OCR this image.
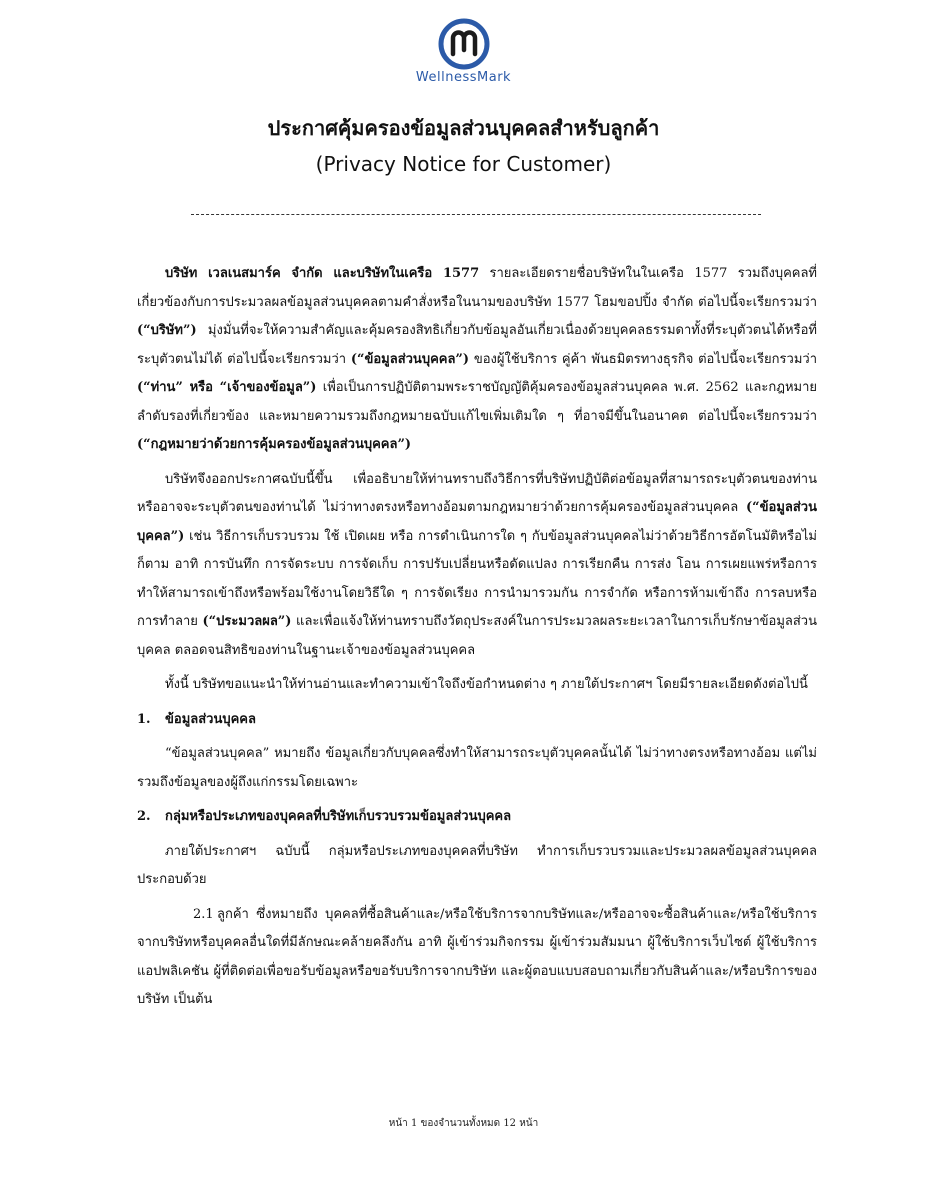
WellnessMark
ประกาศคุ้มครองข้อมูลส่วนบุคคลสำหรับลูกค้า
(Privacy Notice for Customer)

บริษัท เวลเนสมาร์ค จำกัด และบริษัทในเครือ 1577 รายละเอียดรายชื่อบริษัทในในเครือ 1577 รวมถึงบุคคลที่เกี่ยวข้องกับการประมวลผลข้อมูลส่วนบุคคลตามคำสั่งหรือในนามของบริษัท 1577 โฮมขอปปิ้ง จำกัด ต่อไปนี้จะเรียกรวมว่า (“บริษัท”) มุ่งมั่นที่จะให้ความสำคัญและคุ้มครองสิทธิเกี่ยวกับข้อมูลอันเกี่ยวเนื่องด้วยบุคคลธรรมดาทั้งที่ระบุตัวตนได้หรือที่ระบุตัวตนไม่ได้ ต่อไปนี้จะเรียกรวมว่า (“ข้อมูลส่วนบุคคล”) ของผู้ใช้บริการ คู่ค้า พันธมิตรทางธุรกิจ ต่อไปนี้จะเรียกรวมว่า (“ท่าน” หรือ “เจ้าของข้อมูล”) เพื่อเป็นการปฏิบัติตามพระราชบัญญัติคุ้มครองข้อมูลส่วนบุคคล พ.ศ. 2562 และกฎหมายลำดับรองที่เกี่ยวข้อง และหมายความรวมถึงกฎหมายฉบับแก้ไขเพิ่มเติมใด ๆ ที่อาจมีขึ้นในอนาคต ต่อไปนี้จะเรียกรวมว่า (“กฎหมายว่าด้วยการคุ้มครองข้อมูลส่วนบุคคล”)

บริษัทจึงออกประกาศฉบับนี้ขึ้น เพื่ออธิบายให้ท่านทราบถึงวิธีการที่บริษัทปฏิบัติต่อข้อมูลที่สามารถระบุตัวตนของท่าน หรืออาจจะระบุตัวตนของท่านได้ ไม่ว่าทางตรงหรือทางอ้อมตามกฎหมายว่าด้วยการคุ้มครองข้อมูลส่วนบุคคล (“ข้อมูลส่วนบุคคล”) เช่น วิธีการเก็บรวบรวม ใช้ เปิดเผย หรือ การดำเนินการใด ๆ กับข้อมูลส่วนบุคคลไม่ว่าด้วยวิธีการอัตโนมัติหรือไม่ก็ตาม อาทิ การบันทึก การจัดระบบ การจัดเก็บ การปรับเปลี่ยนหรือดัดแปลง การเรียกคืน การส่ง โอน การเผยแพร่หรือการทำให้สามารถเข้าถึงหรือพร้อมใช้งานโดยวิธีใด ๆ การจัดเรียง การนำมารวมกัน การจำกัด หรือการห้ามเข้าถึง การลบหรือการทำลาย (“ประมวลผล”) และเพื่อแจ้งให้ท่านทราบถึงวัตถุประสงค์ในการประมวลผลระยะเวลาในการเก็บรักษาข้อมูลส่วนบุคคล ตลอดจนสิทธิของท่านในฐานะเจ้าของข้อมูลส่วนบุคคล

ทั้งนี้ บริษัทขอแนะนำให้ท่านอ่านและทำความเข้าใจถึงข้อกำหนดต่าง ๆ ภายใต้ประกาศฯ โดยมีรายละเอียดดังต่อไปนี้

1. ข้อมูลส่วนบุคคล

“ข้อมูลส่วนบุคคล” หมายถึง ข้อมูลเกี่ยวกับบุคคลซึ่งทำให้สามารถระบุตัวบุคคลนั้นได้ ไม่ว่าทางตรงหรือทางอ้อม แต่ไม่รวมถึงข้อมูลของผู้ถึงแก่กรรมโดยเฉพาะ

2. กลุ่มหรือประเภทของบุคคลที่บริษัทเก็บรวบรวมข้อมูลส่วนบุคคล

ภายใต้ประกาศฯ ฉบับนี้ กลุ่มหรือประเภทของบุคคลที่บริษัท ทำการเก็บรวบรวมและประมวลผลข้อมูลส่วนบุคคล ประกอบด้วย

2.1 ลูกค้า ซึ่งหมายถึง บุคคลที่ซื้อสินค้าและ/หรือใช้บริการจากบริษัทและ/หรืออาจจะซื้อสินค้าและ/หรือใช้บริการจากบริษัทหรือบุคคลอื่นใดที่มีลักษณะคล้ายคลึงกัน อาทิ ผู้เข้าร่วมกิจกรรม ผู้เข้าร่วมสัมมนา ผู้ใช้บริการเว็บไซต์ ผู้ใช้บริการแอปพลิเคชัน ผู้ที่ติดต่อเพื่อขอรับข้อมูลหรือขอรับบริการจากบริษัท และผู้ตอบแบบสอบถามเกี่ยวกับสินค้าและ/หรือบริการของบริษัท เป็นต้น

หน้า 1 ของจำนวนทั้งหมด 12 หน้า
